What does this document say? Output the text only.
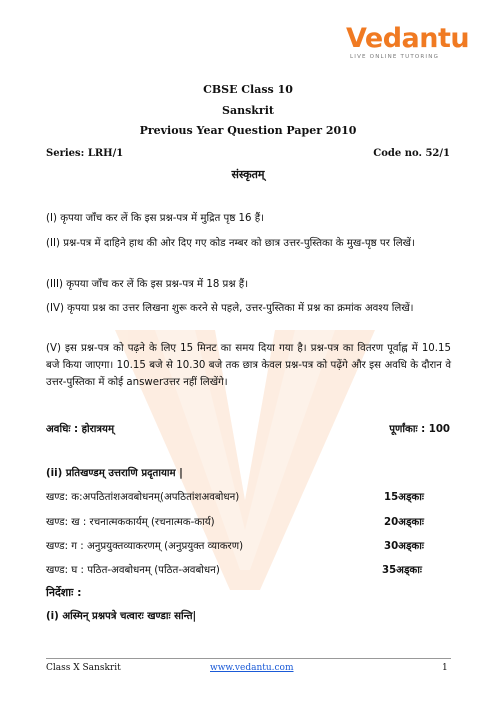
Vedantu
LIVE ONLINE TUTORING
CBSE Class 10
Sanskrit
Previous Year Question Paper 2010
Series: LRH/1	Code no. 52/1
संस्कृतम्
(I) कृपया जाँच कर लें कि इस प्रश्न-पत्र में मुद्रित पृष्ठ 16 हैं।
(II) प्रश्न-पत्र में दाहिने हाथ की ओर दिए गए कोड नम्बर को छात्र उत्तर-पुस्तिका के मुख-पृष्ठ पर लिखें।
(III) कृपया जाँच कर लें कि इस प्रश्न-पत्र में 18 प्रश्न हैं।
(IV) कृपया प्रश्न का उत्तर लिखना शुरू करने से पहले, उत्तर-पुस्तिका में प्रश्न का क्रमांक अवश्य लिखें।
(V) इस प्रश्न-पत्र को पढ़ने के लिए 15 मिनट का समय दिया गया है। प्रश्न-पत्र का वितरण पूर्वाह्न में 10.15 बजे किया जाएगा। 10.15 बजे से 10.30 बजे तक छात्र केवल प्रश्न-पत्र को पढ़ेंगे और इस अवधि के दौरान वे उत्तर-पुस्तिका में कोई answerउत्तर नहीं लिखेंगे।
अवधिः : होरात्रयम्	पूर्णांकाः : 100
(ii) प्रतिखण्डम् उत्तराणि प्रदृतायाम |
खण्ड: क:अपठितांशअवबोधनम्(अपठितांशअवबोधन)	15अड्काः
खण्ड: ख : रचनात्मककार्यम् (रचनात्मक-कार्य)	20अड्काः
खण्ड: ग : अनुप्रयुक्तव्याकरणम् (अनुप्रयुक्त व्याकरण)	30अड्काः
खण्ड: घ : पठित-अवबोधनम् (पठित-अवबोधन)	35अड्काः
निर्देशाः :
(i) अस्मिन् प्रश्नपत्रे चत्वारः खण्डाः सन्ति|
Class X Sanskrit	www.vedantu.com	1
